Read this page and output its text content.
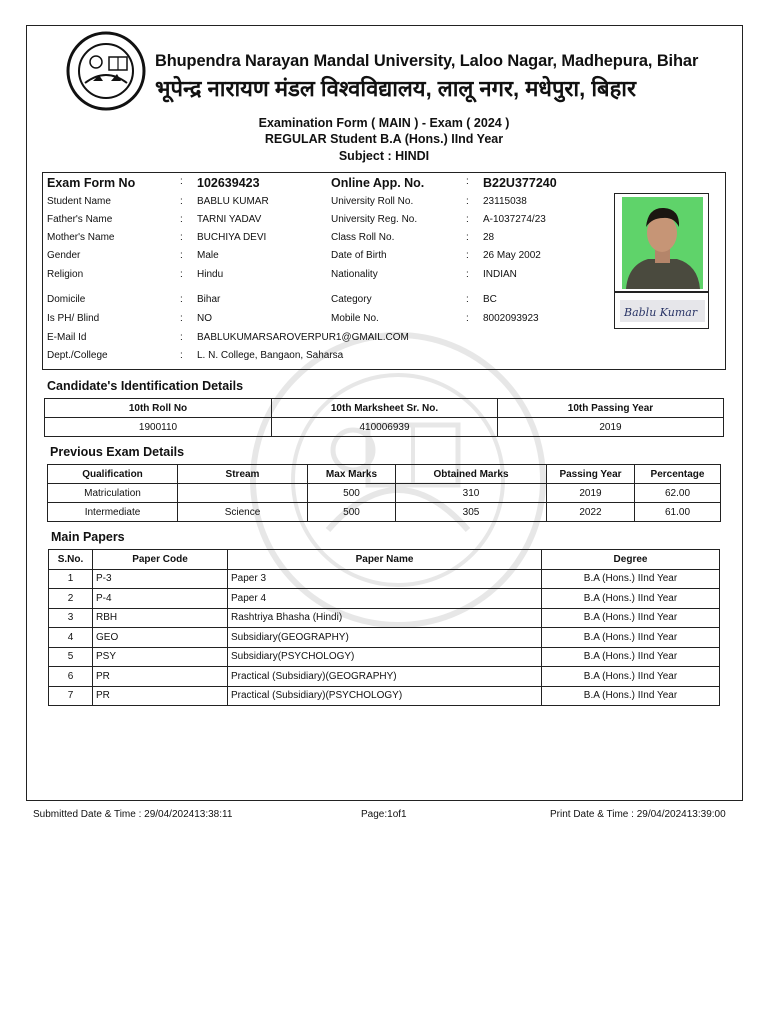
Bhupendra Narayan Mandal University, Laloo Nagar, Madhepura, Bihar
भूपेन्द्र नारायण मंडल विश्वविद्यालय, लालू नगर, मधेपुरा, बिहार
Examination Form ( MAIN ) - Exam ( 2024 )
REGULAR Student B.A (Hons.) IInd Year
Subject : HINDI
Exam Form No	: 102639423	Online App. No.	: B22U377240
Student Name	: BABLU KUMAR
Father's Name	: TARNI YADAV
Mother's Name	: BUCHIYA DEVI
Gender	: Male
Religion	: Hindu
Domicile	: Bihar
Is PH/ Blind	: NO
E-Mail Id	: BABLUKUMARSAROVERPUR1@GMAIL.COM
Dept./College	: L. N. College, Bangaon, Saharsa
University Roll No.	: 23115038
University Reg. No.	: A-1037274/23
Class Roll No.	: 28
Date of Birth	: 26 May 2002
Nationality	: INDIAN
Category	: BC
Mobile No.	: 8002093923	Bablu Kumar
Candidate's Identification Details
10th Roll No	10th Marksheet Sr. No.	10th Passing Year
1900110	410006939	2019
Previous Exam Details
Qualification	Stream	Max Marks	Obtained Marks	Passing Year	Percentage
Matriculation		500	310	2019	62.00
Intermediate	Science	500	305	2022	61.00
Main Papers
S.No.	Paper Code	Paper Name	Degree
1	P-3	Paper 3	B.A (Hons.) IInd Year
2	P-4	Paper 4	B.A (Hons.) IInd Year
3	RBH	Rashtriya Bhasha (Hindi)	B.A (Hons.) IInd Year
4	GEO	Subsidiary(GEOGRAPHY)	B.A (Hons.) IInd Year
5	PSY	Subsidiary(PSYCHOLOGY)	B.A (Hons.) IInd Year
6	PR	Practical (Subsidiary)(GEOGRAPHY)	B.A (Hons.) IInd Year
7	PR	Practical (Subsidiary)(PSYCHOLOGY)	B.A (Hons.) IInd Year
Submitted Date & Time : 29/04/202413:38:11	Page:1of1	Print Date & Time : 29/04/202413:39:00
